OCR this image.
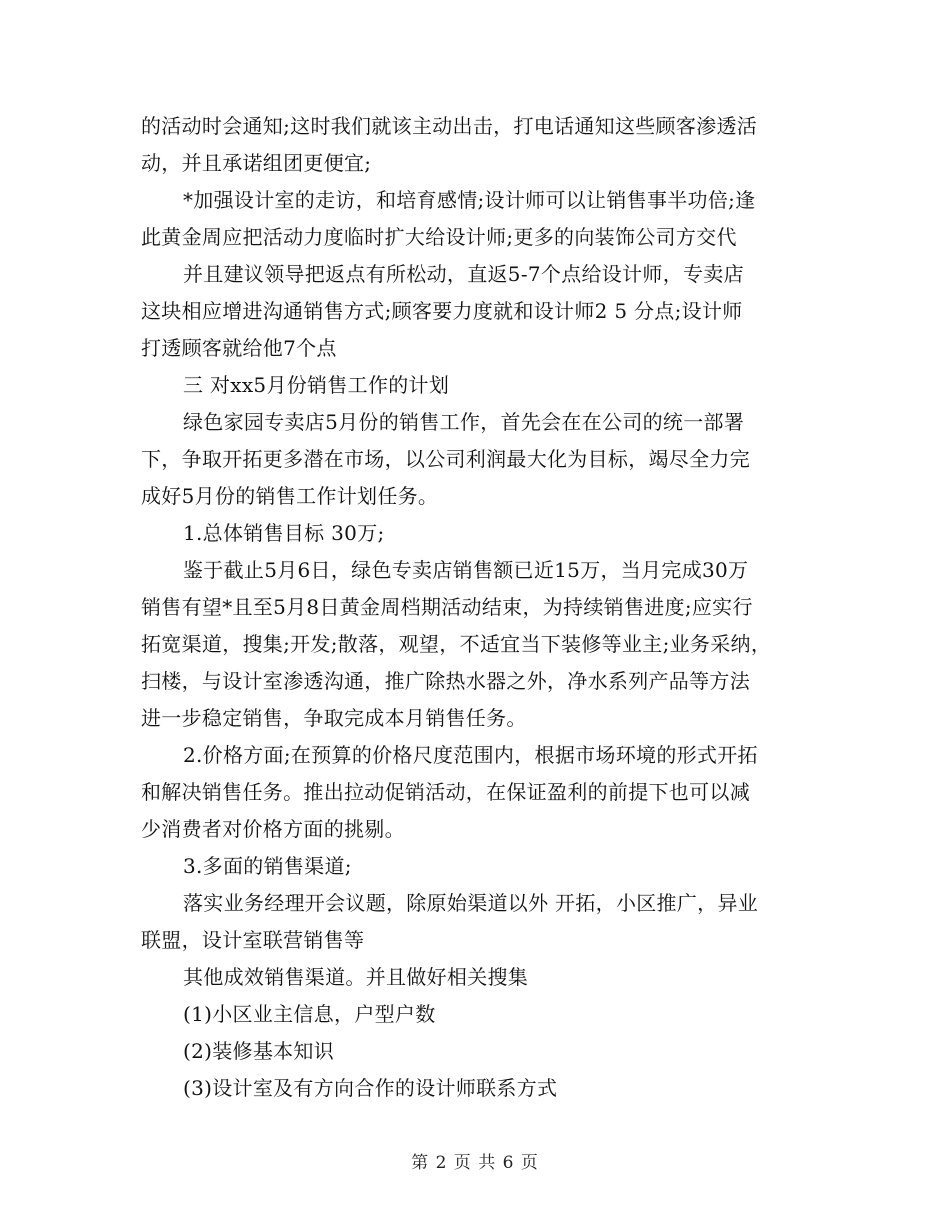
的活动时会通知;这时我们就该主动出击，打电话通知这些顾客渗透活
动，并且承诺组团更便宜;
*加强设计室的走访，和培育感情;设计师可以让销售事半功倍;逢
此黄金周应把活动力度临时扩大给设计师;更多的向装饰公司方交代
并且建议领导把返点有所松动，直返5-7个点给设计师，专卖店
这块相应增进沟通销售方式;顾客要力度就和设计师2 5 分点;设计师
打透顾客就给他7个点
三 对xx5月份销售工作的计划
绿色家园专卖店5月份的销售工作，首先会在在公司的统一部署
下，争取开拓更多潜在市场，以公司利润最大化为目标，竭尽全力完
成好5月份的销售工作计划任务。
1.总体销售目标 30万;
鉴于截止5月6日，绿色专卖店销售额已近15万，当月完成30万
销售有望*且至5月8日黄金周档期活动结束，为持续销售进度;应实行
拓宽渠道，搜集;开发;散落，观望，不适宜当下装修等业主;业务采纳，
扫楼，与设计室渗透沟通，推广除热水器之外，净水系列产品等方法
进一步稳定销售，争取完成本月销售任务。
2.价格方面;在预算的价格尺度范围内，根据市场环境的形式开拓
和解决销售任务。推出拉动促销活动，在保证盈利的前提下也可以减
少消费者对价格方面的挑剔。
3.多面的销售渠道;
落实业务经理开会议题，除原始渠道以外 开拓，小区推广，异业
联盟，设计室联营销售等
其他成效销售渠道。并且做好相关搜集
(1)小区业主信息，户型户数
(2)装修基本知识
(3)设计室及有方向合作的设计师联系方式
第 2 页 共 6 页
